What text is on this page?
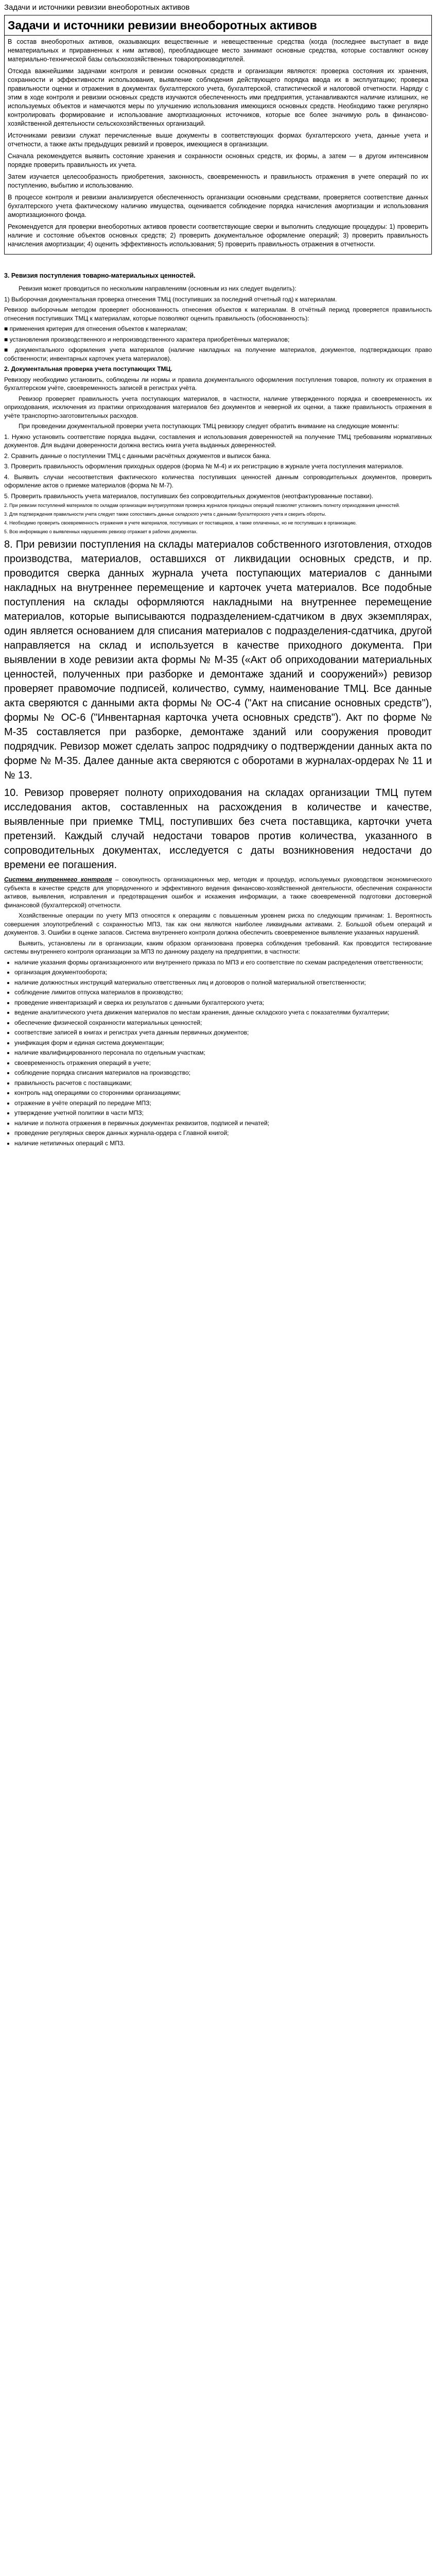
Задачи и источники ревизии внеоборотных активов
Задачи и источники ревизии внеоборотных активов

В состав внеоборотных активов, оказывающих вещественные и невещественные средства (когда (последнее выступает в виде нематериальных и приравненных к ним активов), преобладающее место занимают основные средства, которые составляют основу материально-технической базы сельскохозяйственных товаропроизводителей.

Отсюда важнейшими задачами контроля и ревизии основных средств и организации являются: проверка состояния их хранения, сохранности и эффективности использования, выявление соблюдения действующего порядка ввода их в эксплуатацию; проверка правильности оценки и отражения в документах бухгалтерского учета, бухгалтерской, статистической и налоговой отчетности. Наряду с этим в ходе контроля и ревизии основных средств изучаются обеспеченность ими предприятия, устанавливаются наличие излишних, не используемых объектов и намечаются меры по улучшению использования имеющихся основных средств. Необходимо также регулярно контролировать формирование и использование амортизационных источников, которые все более значимую роль в финансово-хозяйственной деятельности сельскохозяйственных организаций.

Источниками ревизии служат перечисленные выше документы в соответствующих формах бухгалтерского учета, данные учета и отчетности, а также акты предыдущих ревизий и проверок, имеющиеся в организации.

Сначала рекомендуется выявить состояние хранения и сохранности основных средств, их формы, а затем — в другом интенсивном порядке проверить правильность их учета.

Затем изучается целесообразность приобретения, законность, своевременность и правильность отражения в учете операций по их поступлению, выбытию и использованию.

В процессе контроля и ревизии анализируется обеспеченность организации основными средствами, проверяется соответствие данных бухгалтерского учета фактическому наличию имущества, оценивается соблюдение порядка начисления амортизации и использования амортизационного фонда.

Рекомендуется для проверки внеоборотных активов провести соответствующие сверки и выполнить следующие процедуры: 1) проверить наличие и состояние объектов основных средств; 2) проверить документальное оформление операций; 3) проверить правильность начисления амортизации; 4) оценить эффективность использования; 5) проверить правильность отражения в отчетности.

3. Ревизия поступления товарно-материальных ценностей.

Ревизия может проводиться по нескольким направлениям (основным из них следует выделить):

1) Выборочная документальная проверка отнесения ТМЦ (поступивших за последний отчетный год) к материалам.

Ревизор выборочным методом проверяет обоснованность отнесения объектов к материалам. В отчётный период проверяется правильность отнесения поступивших ТМЦ к материалам, которые позволяют оценить правильность (обоснованность):

■ применения критерия для отнесения объектов к материалам;

■ установления производственного и непроизводственного характера приобретённых материалов;

■ документального оформления учета материалов (наличие накладных на получение материалов, документов, подтверждающих право собственности; инвентарных карточек учета материалов).

2. Документальная проверка учета поступающих ТМЦ.

Ревизору необходимо установить, соблюдены ли нормы и правила документального оформления поступления товаров, полноту их отражения в бухгалтерском учёте, своевременность записей в регистрах учёта.

Ревизор проверяет правильность учета поступающих материалов, в частности, наличие утвержденного порядка и своевременность их оприходования, исключения из практики оприходования материалов без документов и неверной их оценки, а также правильность отражения в учёте транспортно-заготовительных расходов.

При проведении документальной проверки учета поступающих ТМЦ ревизору следует обратить внимание на следующие моменты:

1. Нужно установить соответствие порядка выдачи, составления и использования доверенностей на получение ТМЦ требованиям нормативных документов. Для выдачи доверенности должна вестись книга учета выданных доверенностей.

2. Сравнить данные о поступлении ТМЦ с данными расчётных документов и выписок банка.

3. Проверить правильность оформления приходных ордеров (форма № М-4) и их регистрацию в журнале учета поступления материалов.

4. Выявить случаи несоответствия фактического количества поступивших ценностей данным сопроводительных документов, проверить оформление актов о приемке материалов (форма № М-7).

5. Проверить правильность учета материалов, поступивших без сопроводительных документов (неотфактурованные поставки).

2. При ревизии поступлений материалов по складам организации внутригрупповая проверка журналов приходных операций позволяет установить полноту оприходования ценностей.

3. Для подтверждения правильности учета следует также сопоставить данные складского учета с данными бухгалтерского учета и сверить обороты.

4. Необходимо проверить своевременность отражения в учете материалов, поступивших от поставщиков, а также оплаченных, но не поступивших в организацию.

5. Всю информацию о выявленных нарушениях ревизор отражает в рабочих документах.

8. При ревизии поступления на склады материалов собственного изготовления, отходов производства, материалов, оставшихся от ликвидации основных средств, и пр. проводится сверка данных журнала учета поступающих материалов с данными накладных на внутреннее перемещение и карточек учета материалов. Все подобные поступления на склады оформляются накладными на внутреннее перемещение материалов, которые выписываются подразделением-сдатчиком в двух экземплярах, один является основанием для списания материалов с подразделения-сдатчика, другой направляется на склад и используется в качестве приходного документа. При выявлении в ходе ревизии акта формы № М-35 («Акт об оприходовании материальных ценностей, полученных при разборке и демонтаже зданий и сооружений») ревизор проверяет правомочие подписей, количество, сумму, наименование ТМЦ. Все данные акта сверяются с данными акта формы № ОС-4 ("Акт на списание основных средств"), формы № ОС-6 ("Инвентарная карточка учета основных средств"). Акт по форме № М-35 составляется при разборке, демонтаже зданий или сооружения проводит подрядчик. Ревизор может сделать запрос подрядчику о подтверждении данных акта по форме № М-35. Далее данные акта сверяются с оборотами в журналах-ордерах № 11 и № 13.

10. Ревизор проверяет полноту оприходования на складах организации ТМЦ путем исследования актов, составленных на расхождения в количестве и качестве, выявленные при приемке ТМЦ, поступивших без счета поставщика, карточки учета претензий. Каждый случай недостачи товаров против количества, указанного в сопроводительных документах, исследуется с даты возникновения недостачи до времени ее погашения.

Система внутреннего контроля – совокупность организационных мер, методик и процедур, используемых руководством экономического субъекта в качестве средств для упорядоченного и эффективного ведения финансово-хозяйственной деятельности, обеспечения сохранности активов, выявления, исправления и предотвращения ошибок и искажения информации, а также своевременной подготовки достоверной финансовой (бухгалтерской) отчетности.

Хозяйственные операции по учету МПЗ относятся к операциям с повышенным уровнем риска по следующим причинам: 1. Вероятность совершения злоупотреблений с сохранностью МПЗ, так как они являются наиболее ликвидными активами. 2. Большой объем операций и документов. 3. Ошибки в оценке запасов. Система внутреннего контроля должна обеспечить своевременное выявление указанных нарушений.

Выявить, установлены ли в организации, каким образом организована проверка соблюдения требований. Как проводится тестирование системы внутреннего контроля организации за МПЗ по данному разделу на предприятии, в частности:

• наличие указания формы организационного или внутреннего приказа по МПЗ и его соответствие по схемам распределения ответственности;
• организация документооборота;
• наличие должностных инструкций материально ответственных лиц и договоров о полной материальной ответственности;
• соблюдение лимитов отпуска материалов в производство;
• проведение инвентаризаций и сверка их результатов с данными бухгалтерского учета;
• ведение аналитического учета движения материалов по местам хранения, данные складского учета с показателями бухгалтерии;
• обеспечение физической сохранности материальных ценностей;
• соответствие записей в книгах и регистрах учета данным первичных документов;
• унификация форм и единая система документации;
• наличие квалифицированного персонала по отдельным участкам;
• своевременность отражения операций в учете;
• соблюдение порядка списания материалов на производство;
• правильность расчетов с поставщиками;
• контроль над операциями со сторонними организациями;
• отражение в учёте операций по передаче МПЗ;
• утверждение учетной политики в части МПЗ;
• наличие и полнота отражения в первичных документах реквизитов, подписей и печатей;
• проведение регулярных сверок данных журнала-ордера с Главной книгой;
• наличие нетипичных операций с МПЗ.
